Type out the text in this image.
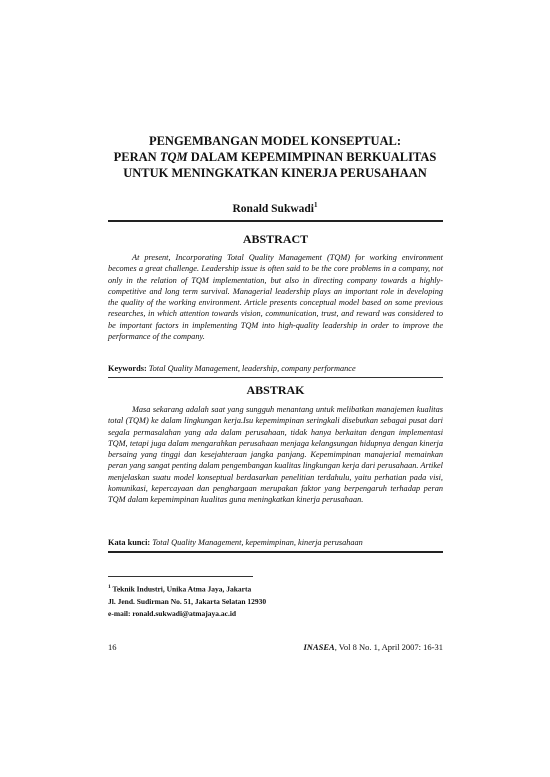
PENGEMBANGAN MODEL KONSEPTUAL:
PERAN TQM DALAM KEPEMIMPINAN BERKUALITAS
UNTUK MENINGKATKAN KINERJA PERUSAHAAN
Ronald Sukwadi$^1$
ABSTRACT

At present, Incorporating Total Quality Management (TQM) for working environment becomes a great challenge. Leadership issue is often said to be the core problems in a company, not only in the relation of TQM implementation, but also in directing company towards a highly-competitive and long term survival. Managerial leadership plays an important role in developing the quality of the working environment. Article presents conceptual model based on some previous researches, in which attention towards vision, communication, trust, and reward was considered to be important factors in implementing TQM into high-quality leadership in order to improve the performance of the company.

Keywords: Total Quality Management, leadership, company performance
ABSTRAK

Masa sekarang adalah saat yang sungguh menantang untuk melibatkan manajemen kualitas total (TQM) ke dalam lingkungan kerja.Isu kepemimpinan seringkali disebutkan sebagai pusat dari segala permasalahan yang ada dalam perusahaan, tidak hanya berkaitan dengan implementasi TQM, tetapi juga dalam mengarahkan perusahaan menjaga kelangsungan hidupnya dengan kinerja bersaing yang tinggi dan kesejahteraan jangka panjang. Kepemimpinan manajerial memainkan peran yang sangat penting dalam pengembangan kualitas lingkungan kerja dari perusahaan. Artikel menjelaskan suatu model konseptual berdasarkan penelitian terdahulu, yaitu perhatian pada visi, komunikasi, kepercayaan dan penghargaan merupakan faktor yang berpengaruh terhadap peran TQM dalam kepemimpinan kualitas guna meningkatkan kinerja perusahaan.

Kata kunci: Total Quality Management, kepemimpinan, kinerja perusahaan
$^1$ Teknik Industri, Unika Atma Jaya, Jakarta
Jl. Jend. Sudirman No. 51, Jakarta Selatan 12930
e-mail: ronald.sukwadi@atmajaya.ac.id
16	INASEA, Vol 8 No. 1, April 2007: 16-31
